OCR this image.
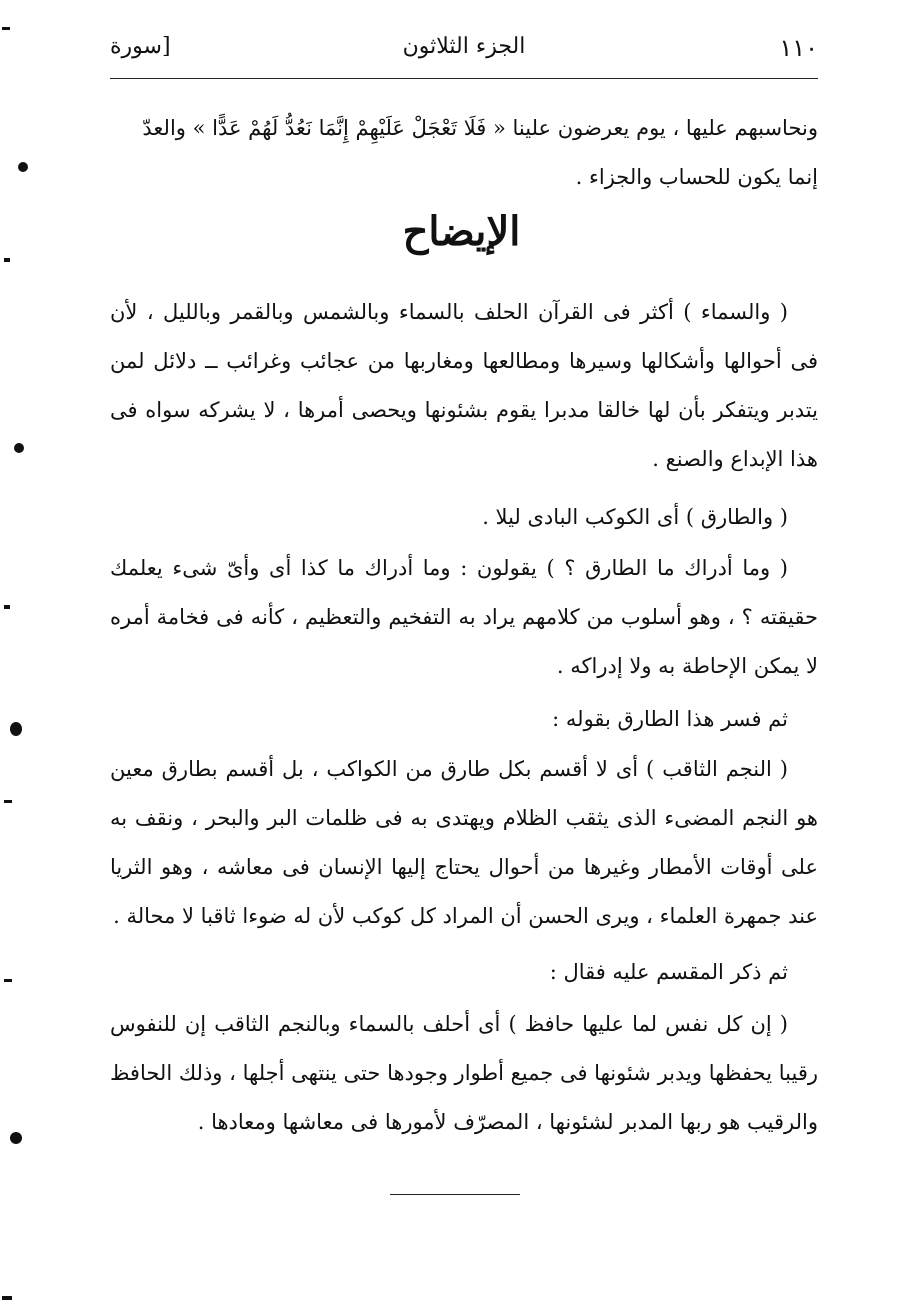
١١٠
الجزء الثلاثون
[سورة

ونحاسبهم عليها ، يوم يعرضون علينا « فَلَا تَعْجَلْ عَلَيْهِمْ إِنَّمَا نَعُدُّ لَهُمْ عَدًّا » والعدّ

إنما يكون للحساب والجزاء .

الإيضاح

( والسماء ) أكثر فى القرآن الحلف بالسماء وبالشمس وبالقمر وبالليل ، لأن فى أحوالها وأشكالها وسيرها ومطالعها ومغاربها من عجائب وغرائب ــ دلائل لمن يتدبر ويتفكر بأن لها خالقا مدبرا يقوم بشئونها ويحصى أمرها ، لا يشركه سواه فى هذا الإبداع والصنع .

( والطارق ) أى الكوكب البادى ليلا .

( وما أدراك ما الطارق ؟ ) يقولون : وما أدراك ما كذا أى وأىّ شىء يعلمك حقيقته ؟ ، وهو أسلوب من كلامهم يراد به التفخيم والتعظيم ، كأنه فى فخامة أمره لا يمكن الإحاطة به ولا إدراكه .

ثم فسر هذا الطارق بقوله :

( النجم الثاقب ) أى لا أقسم بكل طارق من الكواكب ، بل أقسم بطارق معين هو النجم المضىء الذى يثقب الظلام ويهتدى به فى ظلمات البر والبحر ، ونقف به على أوقات الأمطار وغيرها من أحوال يحتاج إليها الإنسان فى معاشه ، وهو الثريا عند جمهرة العلماء ، ويرى الحسن أن المراد كل كوكب لأن له ضوءا ثاقبا لا محالة .

ثم ذكر المقسم عليه فقال :

( إن كل نفس لما عليها حافظ ) أى أحلف بالسماء وبالنجم الثاقب إن للنفوس رقيبا يحفظها ويدبر شئونها فى جميع أطوار وجودها حتى ينتهى أجلها ، وذلك الحافظ والرقيب هو ربها المدبر لشئونها ، المصرّف لأمورها فى معاشها ومعادها .
